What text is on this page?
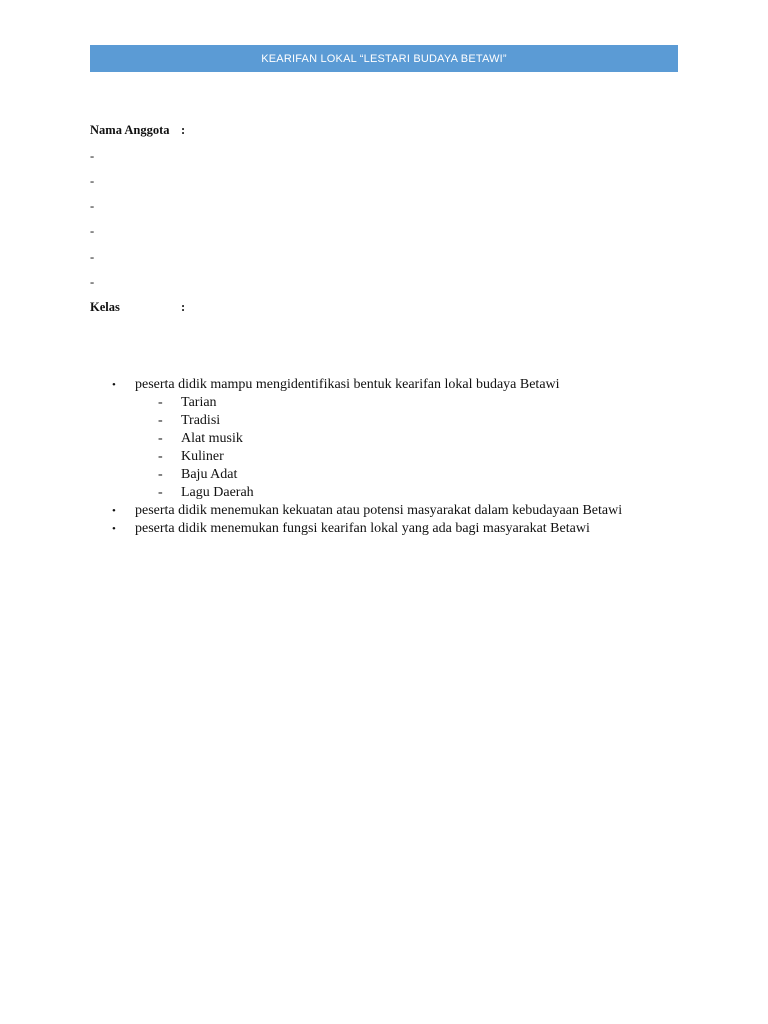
KEARIFAN LOKAL “LESTARI BUDAYA BETAWI”
Nama Anggota :
-
-
-
-
-
-
Kelas	:
• peserta didik mampu mengidentifikasi bentuk kearifan lokal budaya Betawi
- Tarian
- Tradisi
- Alat musik
- Kuliner
- Baju Adat
- Lagu Daerah
• peserta didik menemukan kekuatan atau potensi masyarakat dalam kebudayaan Betawi
• peserta didik menemukan fungsi kearifan lokal yang ada bagi masyarakat Betawi
